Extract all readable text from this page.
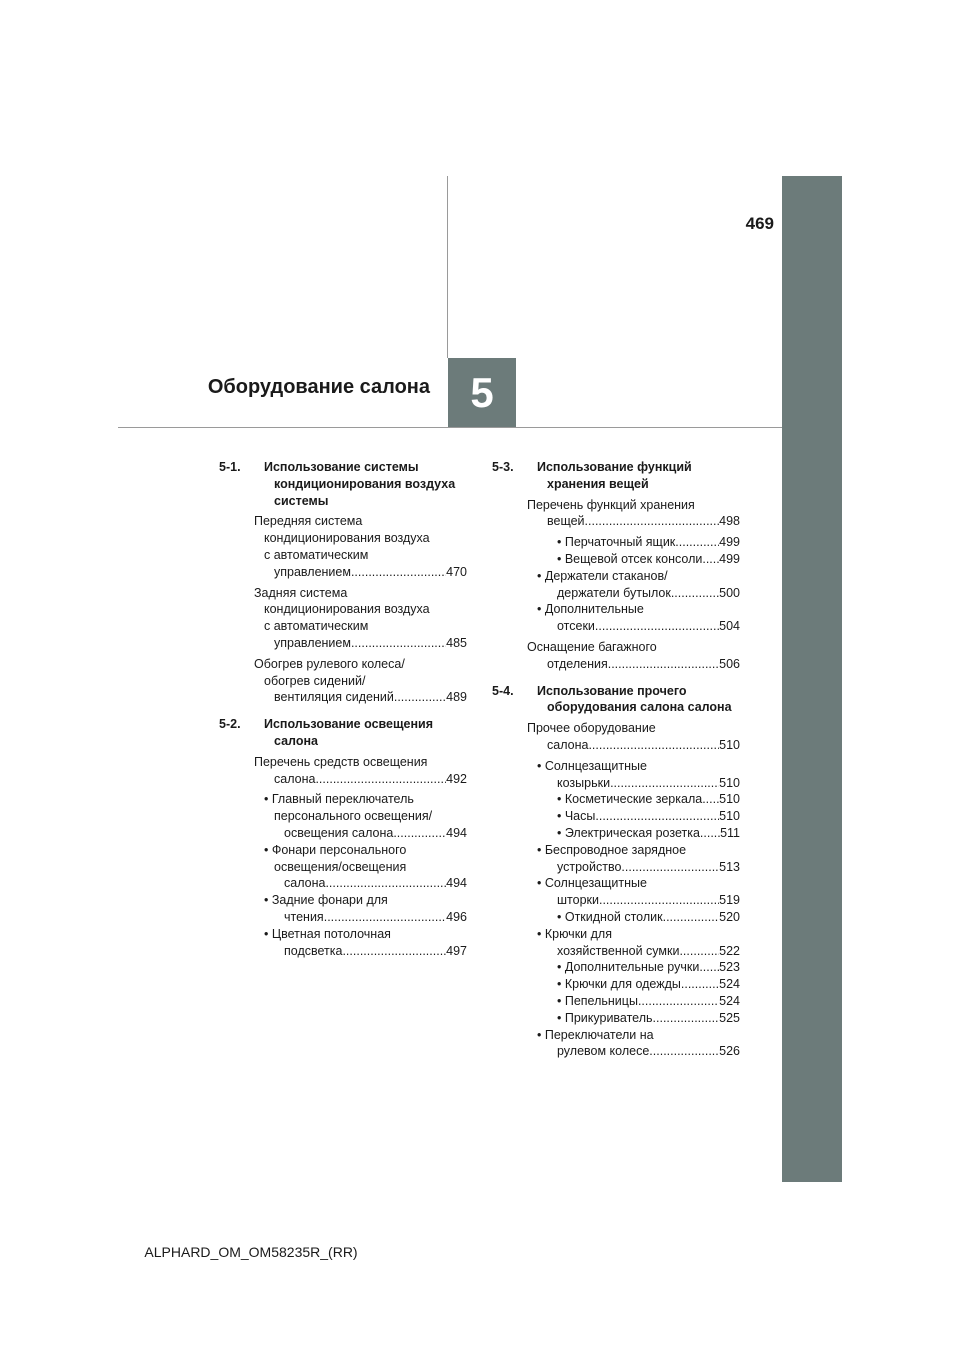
469
5
Оборудование салона
5-1. Использование системы кондиционирования воздуха системы
Передняя системакондиционирования воздухас автоматическим
управлением .....	470
Задняя системакондиционирования воздухас автоматическим
управлением .....	485
Обогрев рулевого колеса/обогрев сидений/
вентиляция сидений .....	489
5-2. Использование освещения салона
Перечень средств освещения
салона .....	492
• Главный переключательперсонального освещения/
освещения салона .....	494
• Фонари персональногоосвещения/освещения
салона .....	494
• Задние фонари для
чтения .....	496
• Цветная потолочная
подсветка .....	497
5-3. Использование функций хранения вещей
Перечень функций хранения
вещей .....	498
• Перчаточный ящик .....	499
• Вещевой отсек консоли ..... 499
• Держатели стаканов/
держатели бутылок .....	500
• Дополнительные
отсеки .....	504
Оснащение багажного
отделения .....	506
5-4. Использование прочего оборудования салона салона
Прочее оборудование
салона .....	510
• Солнцезащитные
козырьки .....	510
• Косметические зеркала ..... 510
• Часы .....	510
• Электрическая розетка ..... 511
• Беспроводное зарядное
устройство .....	513
• Солнцезащитные
шторки .....	519
• Откидной столик .....	520
• Крючки для
хозяйственной сумки .....	522
• Дополнительные ручки ..... 523
• Крючки для одежды .....	524
• Пепельницы .....	524
• Прикуриватель .....	525
• Переключатели на
рулевом колесе .....	526
ALPHARD_OM_OM58235R_(RR)
